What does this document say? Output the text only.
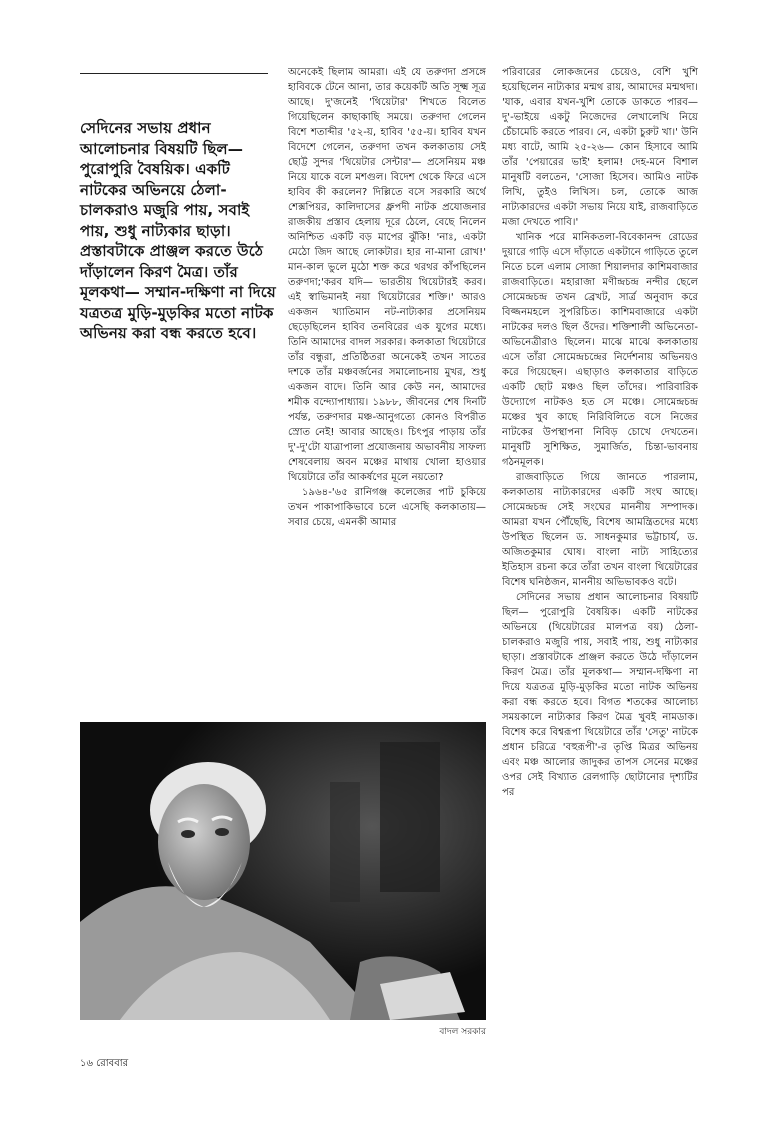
সেদিনের সভায় প্রধান আলোচনার বিষয়টি ছিল— পুরোপুরি বৈষয়িক। একটি নাটকের অভিনয়ে ঠেলা-চালকরাও মজুরি পায়, সবাই পায়, শুধু নাট্যকার ছাড়া। প্রস্তাবটাকে প্রাঞ্জল করতে উঠে দাঁড়ালেন কিরণ মৈত্র। তাঁর মূলকথা— সম্মান-দক্ষিণা না দিয়ে যত্রতত্র মুড়ি-মুড়কির মতো নাটক অভিনয় করা বন্ধ করতে হবে।

অনেকেই ছিলাম আমরা। এই যে তরুণদা প্রসঙ্গে হাবিবকে টেনে আনা, তার কয়েকটি অতি সূক্ষ্ম সূত্র আছে। দু'জনেই 'থিয়েটার' শিখতে বিলেত গিয়েছিলেন কাছাকাছি সময়ে। তরুণদা গেলেন বিশে শতাব্দীর '৫২-য়, হাবিব '৫৫-য়। হাবিব যখন বিদেশে গেলেন, তরুণদা তখন কলকাতায় সেই ছোট্ট সুন্দর 'থিয়েটার সেন্টার'— প্রসেনিয়ম মঞ্চ নিয়ে যাকে বলে মশগুল। বিদেশ থেকে ফিরে এসে হাবিব কী করলেন? দিল্লিতে বসে সরকারি অর্থে শেক্সপিয়র, কালিদাসের ধ্রুপদী নাটক প্রযোজনার রাজকীয় প্রস্তাব হেলায় দূরে ঠেলে, বেছে নিলেন অনিশ্চিত একটি বড় মাপের ঝুঁকি! 'নাঃ, একটা মেঠো জিদ আছে লোকটার। হার না-মানা রোখ!' মান-কাল ভুলে মুঠো শক্ত করে থরথর কাঁপছিলেন তরুণদা;'করব যদি— ভারতীয় থিয়েটারই করব। এই স্বাভিমানই নয়া থিয়েটারের শক্তি।' আরও একজন খ্যাতিমান নট-নাট্যকার প্রসেনিয়ম ছেড়েছিলেন হাবিব তনবিরের এক যুগের মধ্যে। তিনি আমাদের বাদল সরকার। কলকাতা থিয়েটারে তাঁর বন্ধুরা, প্রতিষ্ঠিতরা অনেকেই তখন সাতের দশকে তাঁর মঞ্চবর্জনের সমালোচনায় মুখর, শুধু একজন বাদে। তিনি আর কেউ নন, আমাদের শমীক বন্দ্যোপাধ্যায়। ১৯৮৮, জীবনের শেষ দিনটি পর্যন্ত, তরুণদার মঞ্চ-আনুগত্যে কোনও বিপরীত স্রোত নেই! আবার আছেও। চিৎপুর পাড়ায় তাঁর দু'-দু'টো যাত্রাপালা প্রযোজনায় অভাবনীয় সাফল্য শেষবেলায় অবন মঞ্চের মাথায় খোলা হাওয়ার থিয়েটারে তাঁর আকর্ষণের মূলে নয়তো?

১৯৬৪-'৬৫ রানিগঞ্জ কলেজের পাট চুকিয়ে তখন পাকাপাকিভাবে চলে এসেছি কলকাতায়— সবার চেয়ে, এমনকী আমার

পরিবারের লোকজনের চেয়েও, বেশি খুশি হয়েছিলেন নাট্যকার মন্মথ রায়, আমাদের মন্মথদা। 'যাক, এবার যখন-খুশি তোকে ডাকতে পারব— দু'-ভাইয়ে একটু নিজেদের লেখালেখি নিয়ে চেঁচামেচি করতে পারব। নে, একটা চুরুট খা।' উনি মধ্য বাটে, আমি ২৫-২৬— কোন হিসাবে আমি তাঁর 'পেয়ারের ভাই' হলাম! দেহ-মনে বিশাল মানুষটি বলতেন, 'সোজা হিসেব। আমিও নাটক লিখি, তুইও লিখিস। চল, তোকে আজ নাট্যকারদের একটা সভায় নিয়ে যাই, রাজবাড়িতে মজা দেখতে পাবি।'

খানিক পরে মানিকতলা-বিবেকানন্দ রোডের দুয়ারে গাড়ি এসে দাঁড়াতে একটানে গাড়িতে তুলে নিতে চলে এলাম সোজা শিয়ালদার কাশিমবাজার রাজবাড়িতে। মহারাজা মণীন্দ্রচন্দ্র নন্দীর ছেলে সোমেন্দ্রচন্দ্র তখন ব্রেখট, সার্ত্র অনুবাদ করে বিজ্জনমহলে সুপরিচিত। কাশিমবাজারে একটা নাটকের দলও ছিল ওঁদের। শক্তিশালী অভিনেতা-অভিনেত্রীরাও ছিলেন। মাঝে মাঝে কলকাতায় এসে তাঁরা সোমেন্দ্রচন্দ্রের নির্দেশনায় অভিনয়ও করে গিয়েছেন। এছাড়াও কলকাতার বাড়িতে একটি ছোট মঞ্চও ছিল তাঁদের। পারিবারিক উদ্যোগে নাটকও হত সে মঞ্চে। সোমেন্দ্রচন্দ্র মঞ্চের খুব কাছে নিরিবিলিতে বসে নিজের নাটকের উপস্থাপনা নিবিড় চোখে দেখতেন। মানুষটি সুশিক্ষিত, সুমার্জিত, চিন্তা-ভাবনায় গঠনমূলক।

রাজবাড়িতে গিয়ে জানতে পারলাম, কলকাতায় নাট্যকারদের একটি সংঘ আছে। সোমেন্দ্রচন্দ্র সেই সংঘের মাননীয় সম্পাদক। আমরা যখন পৌঁছেছি, বিশেষ আমন্ত্রিতদের মধ্যে উপস্থিত ছিলেন ড. সাধনকুমার ভট্টাচার্য, ড. অজিতকুমার ঘোষ। বাংলা নাট্য সাহিত্যের ইতিহাস রচনা করে তাঁরা তখন বাংলা থিয়েটারের বিশেষ ঘনিষ্ঠজন, মাননীয় অভিভাবকও বটে।

সেদিনের সভায় প্রধান আলোচনার বিষয়টি ছিল— পুরোপুরি বৈষয়িক। একটি নাটকের অভিনয়ে (থিয়েটারের মালপত্র বয়) ঠেলা-চালকরাও মজুরি পায়, সবাই পায়, শুধু নাট্যকার ছাড়া। প্রস্তাবটাকে প্রাঞ্জল করতে উঠে দাঁড়ালেন কিরণ মৈত্র। তাঁর মূলকথা— সম্মান-দক্ষিণা না দিয়ে যত্রতত্র মুড়ি-মুড়কির মতো নাটক অভিনয় করা বন্ধ করতে হবে। বিগত শতকের আলোচ্য সময়কালে নাট্যকার কিরণ মৈত্র খুবই নামডাক। বিশেষ করে বিশ্বরূপা থিয়েটারে তাঁর 'সেতু' নাটকে প্রধান চরিত্রে 'বহুরূপী'-র তৃপ্তি মিত্রর অভিনয় এবং মঞ্চ আলোর জাদুকর তাপস সেনের মঞ্চের ওপর সেই বিখ্যাত রেলগাড়ি ছোটানোর দৃশ্যটির পর

বাদল সরকার
১৬ রোববার
